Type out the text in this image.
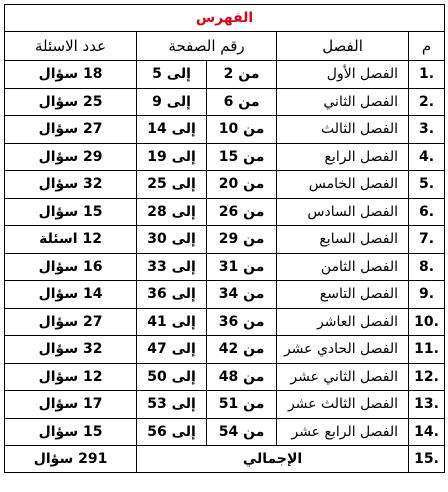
الفهرس				
م	الفصل	رقم الصفحة		عدد الاسئلة
.1	الفصل الأول	من 2	إلى 5	18 سؤال
.2	الفصل الثاني	من 6	إلى 9	25 سؤال
.3	الفصل الثالث	من 10	إلى 14	27 سؤال
.4	الفصل الرابع	من 15	إلى 19	29 سؤال
.5	الفصل الخامس	من 20	إلى 25	32 سؤال
.6	الفصل السادس	من 26	إلى 28	15 سؤال
.7	الفصل السابع	من 29	إلى 30	12 اسئلة
.8	الفصل الثامن	من 31	إلى 33	16 سؤال
.9	الفصل التاسع	من 34	إلى 36	14 سؤال
.10	الفصل العاشر	من 36	إلى 41	27 سؤال
.11	الفصل الحادي عشر	من 42	إلى 47	32 سؤال
.12	الفصل الثاني عشر	من 48	إلى 50	12 سؤال
.13	الفصل الثالث عشر	من 51	إلى 53	17 سؤال
.14	الفصل الرابع عشر	من 54	إلى 56	15 سؤال
.15	الإجمالي			291 سؤال
